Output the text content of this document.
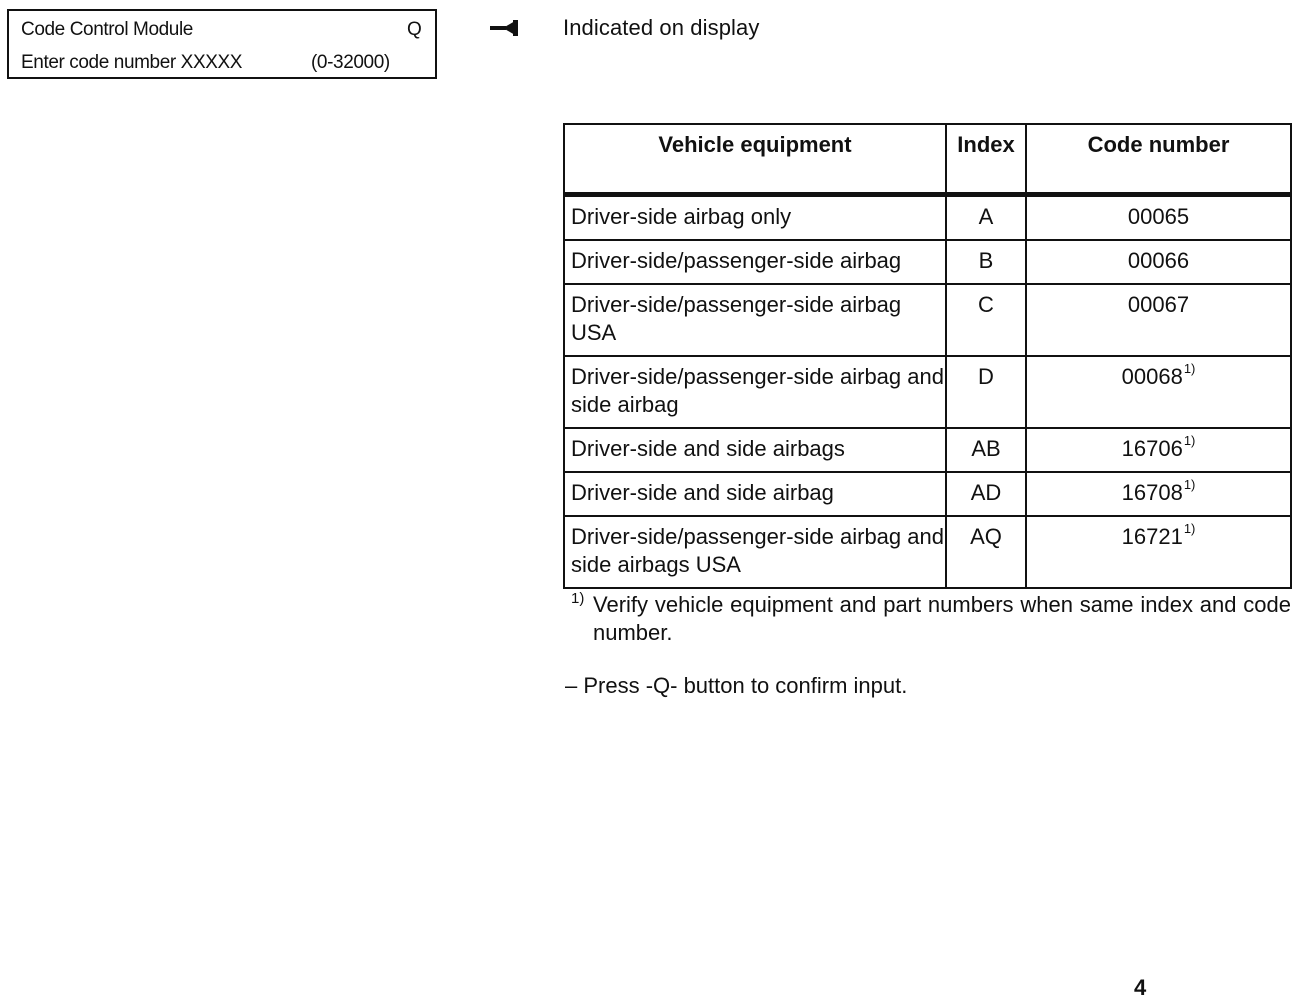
Code Control Module	Q
Enter code number XXXXX	(0-32000)
Indicated on display
Vehicle equipment	Index	Code number
Driver-side airbag only	A	00065
Driver-side/passenger-side airbag	B	00066
Driver-side/passenger-side airbag USA	C	00067
Driver-side/passenger-side airbag and side airbag	D	00068$^{1)}$
Driver-side and side airbags	AB	16706$^{1)}$
Driver-side and side airbag	AD	16708$^{1)}$
Driver-side/passenger-side airbag and side airbags USA	AQ	16721$^{1)}$
1) Verify vehicle equipment and part numbers when same index and code number.
– Press -Q- button to confirm input.
4
